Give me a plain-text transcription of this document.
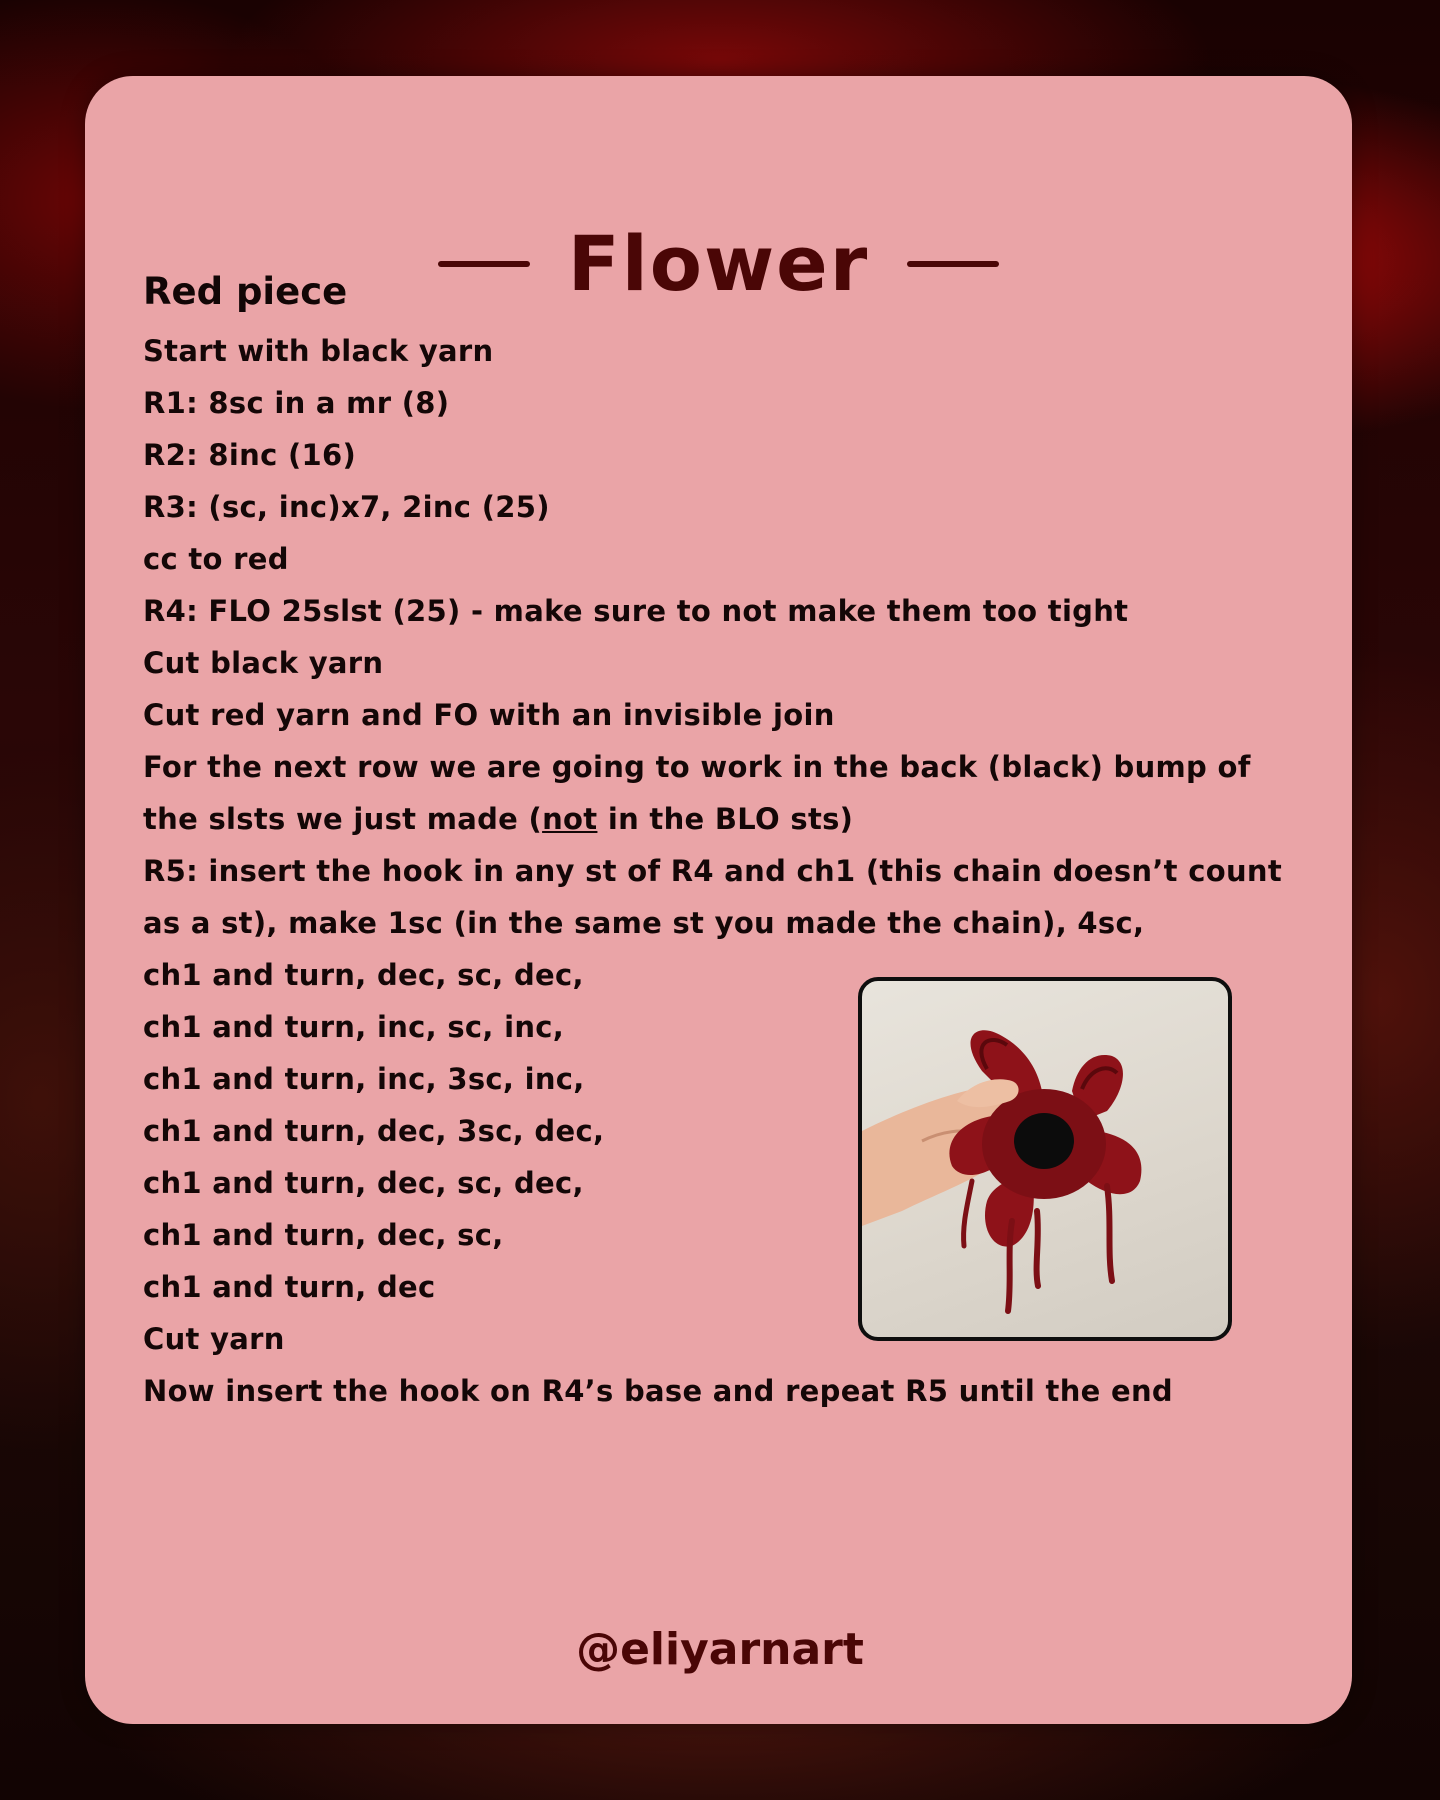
Flower
Red piece
Start with black yarn
R1: 8sc in a mr (8)
R2: 8inc (16)
R3: (sc, inc)x7, 2inc (25)
cc to red
R4: FLO 25slst (25) - make sure to not make them too tight
Cut black yarn
Cut red yarn and FO with an invisible join
For the next row we are going to work in the back (black) bump of
the slsts we just made (not in the BLO sts)
R5: insert the hook in any st of R4 and ch1 (this chain doesn’t count
as a st), make 1sc (in the same st you made the chain), 4sc,
ch1 and turn, dec, sc, dec,
ch1 and turn, inc, sc, inc,
ch1 and turn, inc, 3sc, inc,
ch1 and turn, dec, 3sc, dec,
ch1 and turn, dec, sc, dec,
ch1 and turn, dec, sc,
ch1 and turn, dec
Cut yarn
Now insert the hook on R4’s base and repeat R5 until the end
@eliyarnart
